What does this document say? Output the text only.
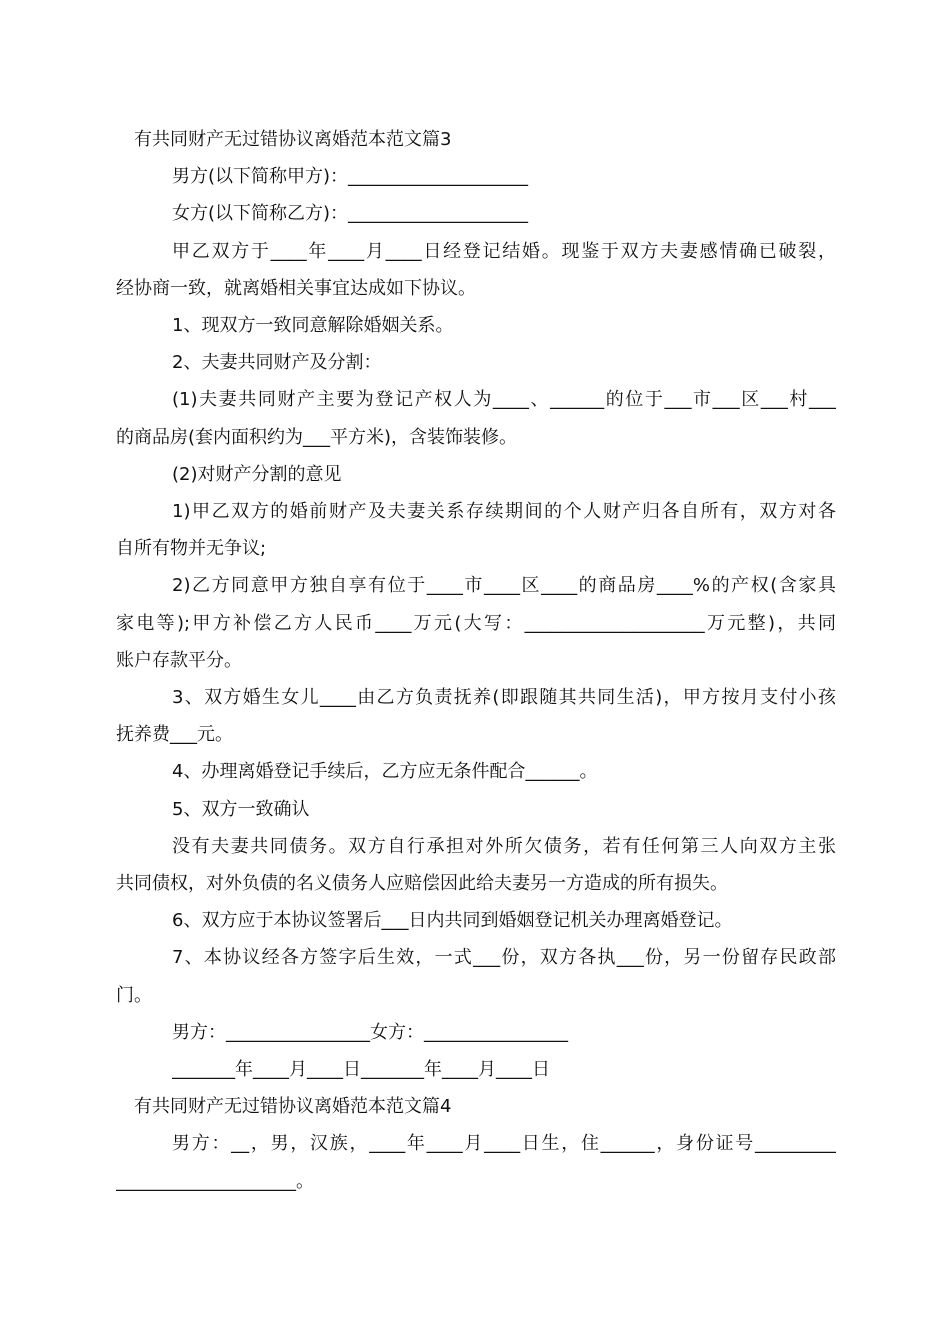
有共同财产无过错协议离婚范本范文篇3
男方(以下简称甲方)：____________________
女方(以下简称乙方)：____________________
甲乙双方于____年____月____日经登记结婚。现鉴于双方夫妻感情确已破裂，
经协商一致，就离婚相关事宜达成如下协议。
1、现双方一致同意解除婚姻关系。
2、夫妻共同财产及分割：
(1)夫妻共同财产主要为登记产权人为____、______的位于___市___区___村___
的商品房(套内面积约为___平方米)，含装饰装修。
(2)对财产分割的意见
1)甲乙双方的婚前财产及夫妻关系存续期间的个人财产归各自所有，双方对各
自所有物并无争议;
2)乙方同意甲方独自享有位于____市____区____的商品房____%的产权(含家具
家电等);甲方补偿乙方人民币____万元(大写：____________________万元整)，共同
账户存款平分。
3、双方婚生女儿____由乙方负责抚养(即跟随其共同生活)，甲方按月支付小孩
抚养费___元。
4、办理离婚登记手续后，乙方应无条件配合______。
5、双方一致确认
没有夫妻共同债务。双方自行承担对外所欠债务，若有任何第三人向双方主张
共同债权，对外负债的名义债务人应赔偿因此给夫妻另一方造成的所有损失。
6、双方应于本协议签署后___日内共同到婚姻登记机关办理离婚登记。
7、本协议经各方签字后生效，一式___份，双方各执___份，另一份留存民政部
门。
男方：________________女方：________________
_______年____月____日_______年____月____日
有共同财产无过错协议离婚范本范文篇4
男方：__，男，汉族，____年____月____日生，住______，身份证号_________
____________________。
